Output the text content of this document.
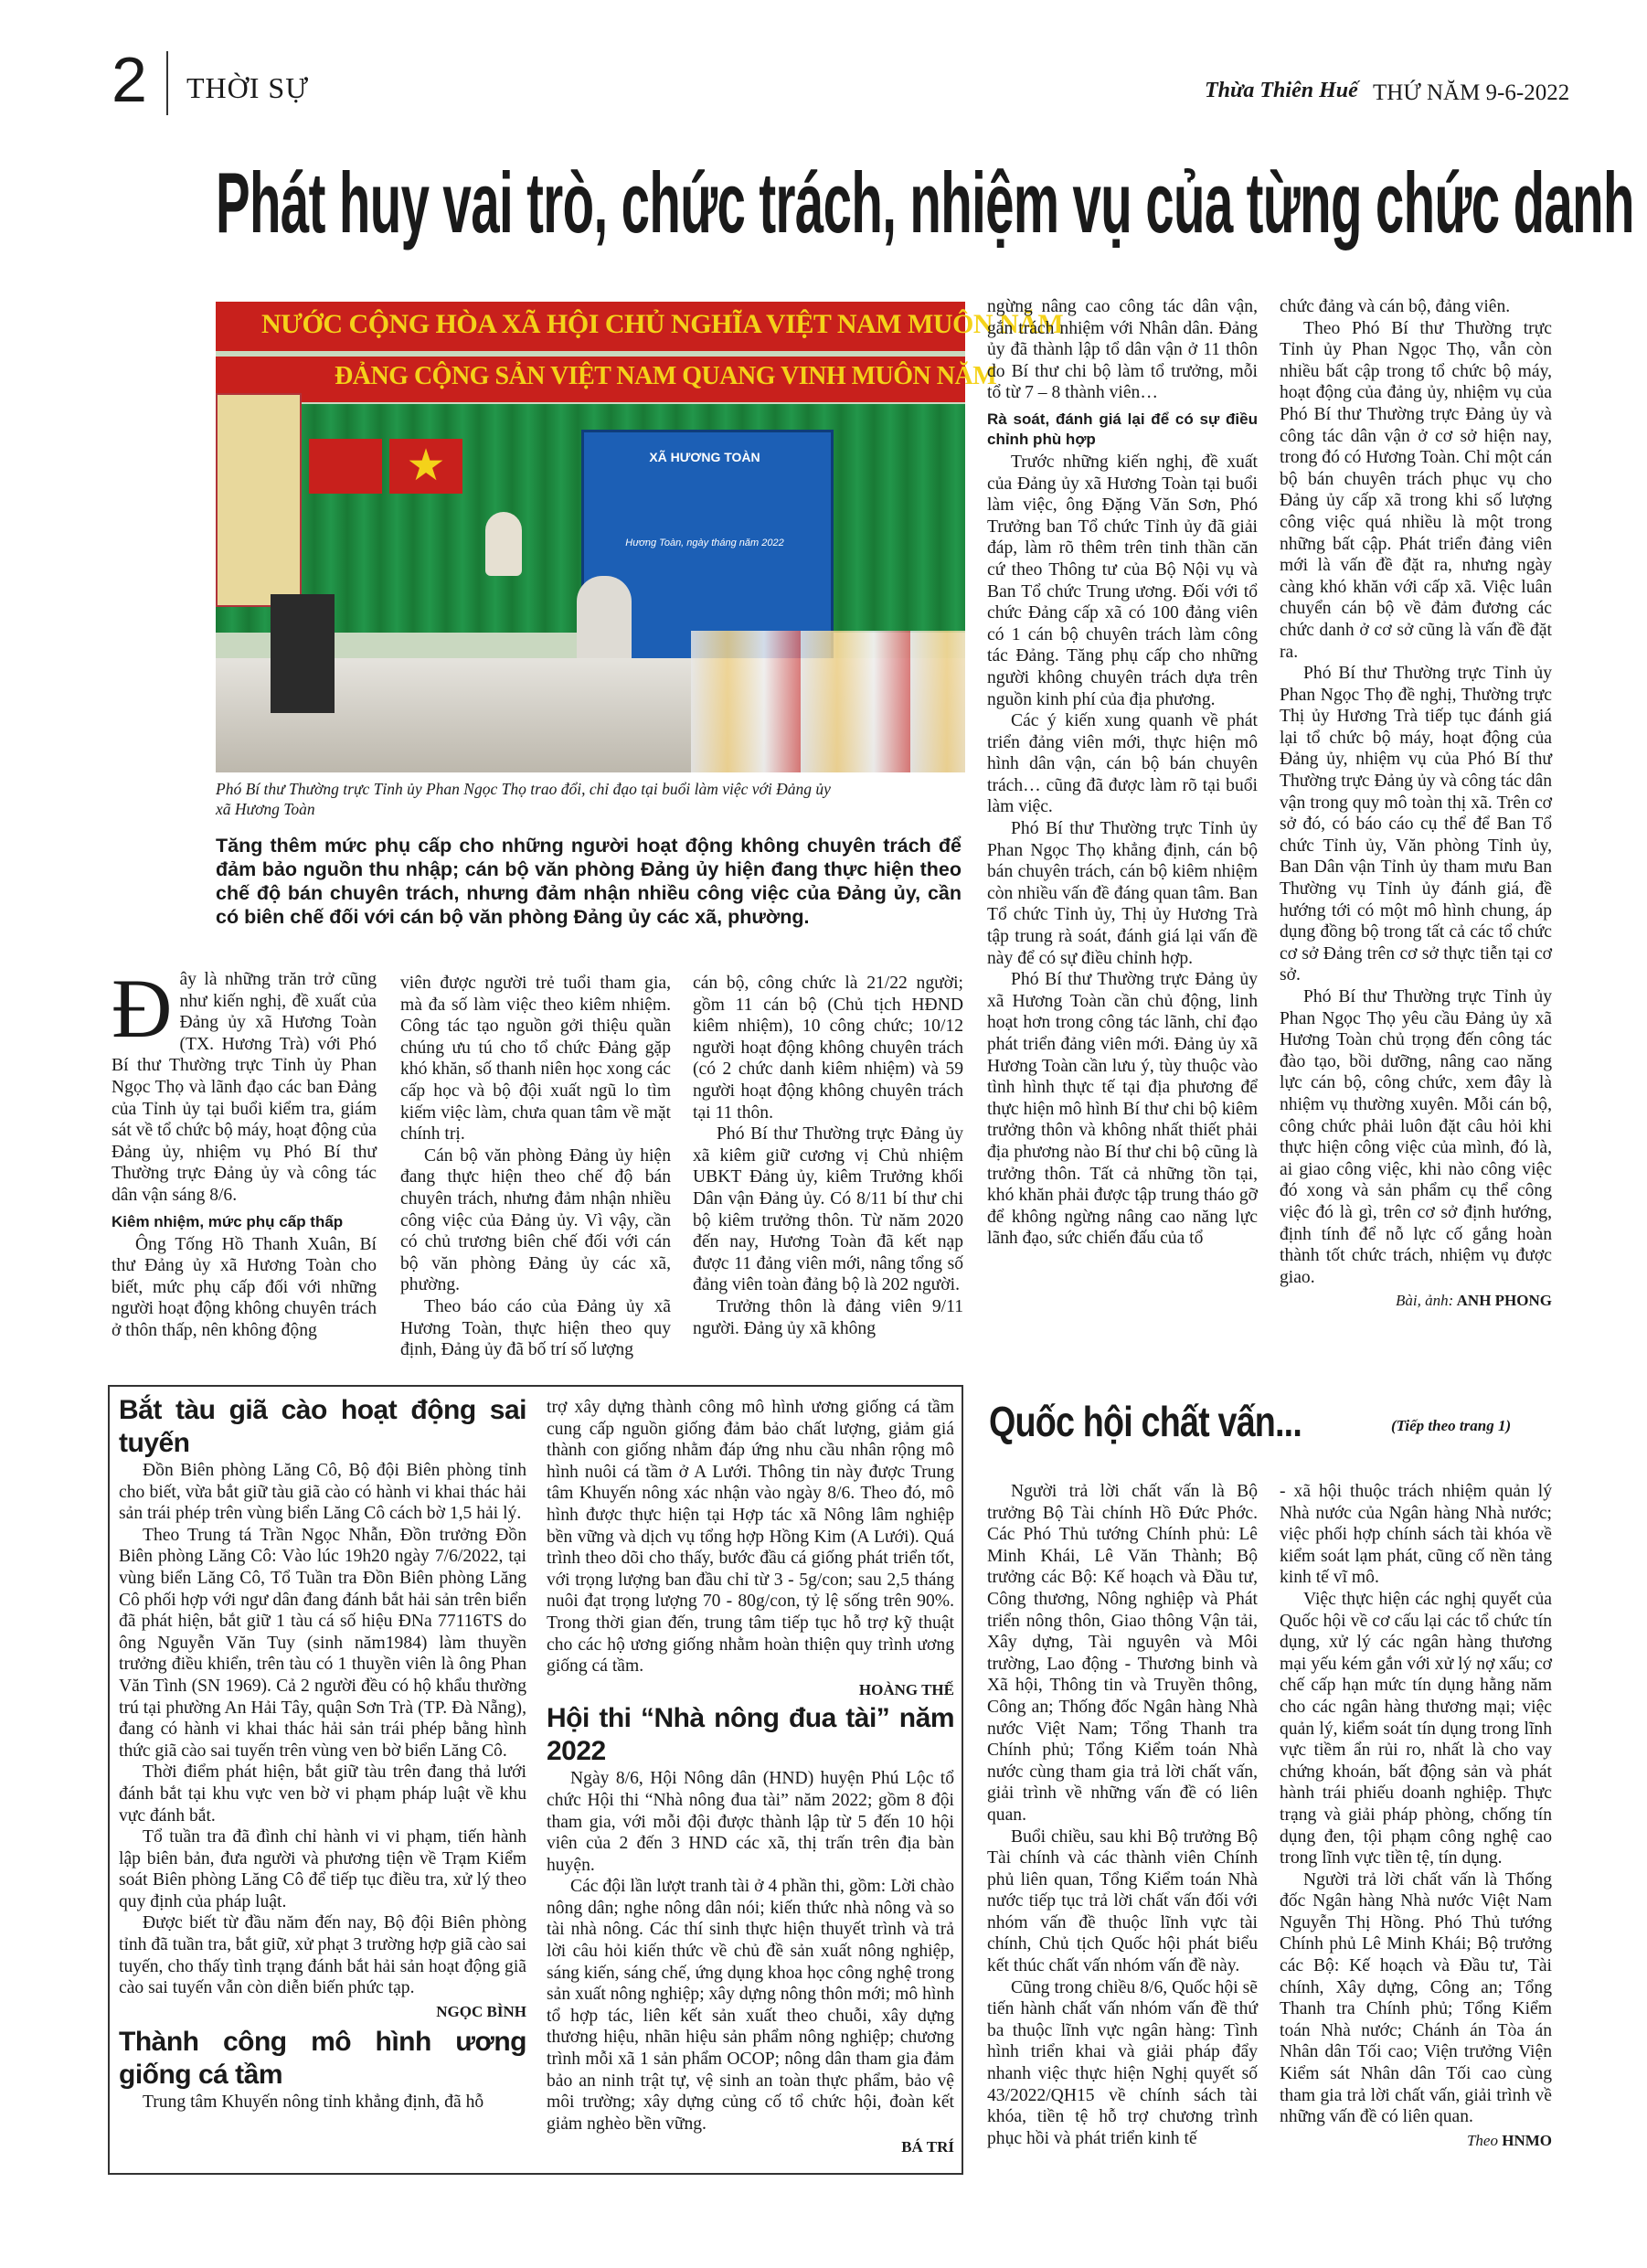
2 THỜI SỰ	Thừa Thiên Huế THỨ NĂM 9-6-2022
Phát huy vai trò, chức trách, nhiệm vụ của từng chức danh
NƯỚC CỘNG HÒA XÃ HỘI CHỦ NGHĨA VIỆT NAM MUÔN NĂM
ĐẢNG CỘNG SẢN VIỆT NAM QUANG VINH MUÔN NĂM
★	XÃ HƯƠNG TOÀN
Hương Toàn, ngày tháng năm 2022
Phó Bí thư Thường trực Tỉnh ủy Phan Ngọc Thọ trao đổi, chỉ đạo tại buổi làm việc với Đảng ủy xã Hương Toàn
Tăng thêm mức phụ cấp cho những người hoạt động không chuyên trách để đảm bảo nguồn thu nhập; cán bộ văn phòng Đảng ủy hiện đang thực hiện theo chế độ bán chuyên trách, nhưng đảm nhận nhiều công việc của Đảng ủy, cần có biên chế đối với cán bộ văn phòng Đảng ủy các xã, phường.
Đ ây là những trăn trở cũng như kiến nghị, đề xuất của Đảng ủy xã Hương Toàn (TX. Hương Trà) với Phó Bí thư Thường trực Tỉnh ủy Phan Ngọc Thọ và lãnh đạo các ban Đảng của Tỉnh ủy tại buổi kiểm tra, giám sát về tổ chức bộ máy, hoạt động của Đảng ủy, nhiệm vụ Phó Bí thư Thường trực Đảng ủy và công tác dân vận sáng 8/6.
Kiêm nhiệm, mức phụ cấp thấp

Ông Tống Hồ Thanh Xuân, Bí thư Đảng ủy xã Hương Toàn cho biết, mức phụ cấp đối với những người hoạt động không chuyên trách ở thôn thấp, nên không động

viên được người trẻ tuổi tham gia, mà đa số làm việc theo kiêm nhiệm. Công tác tạo nguồn gởi thiệu quần chúng ưu tú cho tổ chức Đảng gặp khó khăn, số thanh niên học xong các cấp học và bộ đội xuất ngũ lo tìm kiếm việc làm, chưa quan tâm về mặt chính trị.

Cán bộ văn phòng Đảng ủy hiện đang thực hiện theo chế độ bán chuyên trách, nhưng đảm nhận nhiều công việc của Đảng ủy. Vì vậy, cần có chủ trương biên chế đối với cán bộ văn phòng Đảng ủy các xã, phường.

Theo báo cáo của Đảng ủy xã Hương Toàn, thực hiện theo quy định, Đảng ủy đã bố trí số lượng

cán bộ, công chức là 21/22 người; gồm 11 cán bộ (Chủ tịch HĐND kiêm nhiệm), 10 công chức; 10/12 người hoạt động không chuyên trách (có 2 chức danh kiêm nhiệm) và 59 người hoạt động không chuyên trách tại 11 thôn.

Phó Bí thư Thường trực Đảng ủy xã kiêm giữ cương vị Chủ nhiệm UBKT Đảng ủy, kiêm Trưởng khối Dân vận Đảng ủy. Có 8/11 bí thư chi bộ kiêm trưởng thôn. Từ năm 2020 đến nay, Hương Toàn đã kết nạp được 11 đảng viên mới, nâng tổng số đảng viên toàn đảng bộ là 202 người.

Trưởng thôn là đảng viên 9/11 người. Đảng ủy xã không

ngừng nâng cao công tác dân vận, gắn trách nhiệm với Nhân dân. Đảng ủy đã thành lập tổ dân vận ở 11 thôn do Bí thư chi bộ làm tổ trưởng, mỗi tổ từ 7 – 8 thành viên…

Rà soát, đánh giá lại để có sự điều chỉnh phù hợp

Trước những kiến nghị, đề xuất của Đảng ủy xã Hương Toàn tại buổi làm việc, ông Đặng Văn Sơn, Phó Trưởng ban Tổ chức Tỉnh ủy đã giải đáp, làm rõ thêm trên tinh thần căn cứ theo Thông tư của Bộ Nội vụ và Ban Tổ chức Trung ương. Đối với tổ chức Đảng cấp xã có 100 đảng viên có 1 cán bộ chuyên trách làm công tác Đảng. Tăng phụ cấp cho những người không chuyên trách dựa trên nguồn kinh phí của địa phương.

Các ý kiến xung quanh về phát triển đảng viên mới, thực hiện mô hình dân vận, cán bộ bán chuyên trách… cũng đã được làm rõ tại buổi làm việc.

Phó Bí thư Thường trực Tỉnh ủy Phan Ngọc Thọ khẳng định, cán bộ bán chuyên trách, cán bộ kiêm nhiệm còn nhiều vấn đề đáng quan tâm. Ban Tổ chức Tỉnh ủy, Thị ủy Hương Trà tập trung rà soát, đánh giá lại vấn đề này để có sự điều chỉnh hợp.

Phó Bí thư Thường trực Đảng ủy xã Hương Toàn cần chủ động, linh hoạt hơn trong công tác lãnh, chỉ đạo phát triển đảng viên mới. Đảng ủy xã Hương Toàn cần lưu ý, tùy thuộc vào tình hình thực tế tại địa phương để thực hiện mô hình Bí thư chi bộ kiêm trưởng thôn và không nhất thiết phải địa phương nào Bí thư chi bộ cũng là trưởng thôn. Tất cả những tồn tại, khó khăn phải được tập trung tháo gỡ để không ngừng nâng cao năng lực lãnh đạo, sức chiến đấu của tổ

chức đảng và cán bộ, đảng viên.

Theo Phó Bí thư Thường trực Tỉnh ủy Phan Ngọc Thọ, vẫn còn nhiều bất cập trong tổ chức bộ máy, hoạt động của đảng ủy, nhiệm vụ của Phó Bí thư Thường trực Đảng ủy và công tác dân vận ở cơ sở hiện nay, trong đó có Hương Toàn. Chỉ một cán bộ bán chuyên trách phục vụ cho Đảng ủy cấp xã trong khi số lượng công việc quá nhiều là một trong những bất cập. Phát triển đảng viên mới là vấn đề đặt ra, nhưng ngày càng khó khăn với cấp xã. Việc luân chuyển cán bộ về đảm đương các chức danh ở cơ sở cũng là vấn đề đặt ra.

Phó Bí thư Thường trực Tỉnh ủy Phan Ngọc Thọ đề nghị, Thường trực Thị ủy Hương Trà tiếp tục đánh giá lại tổ chức bộ máy, hoạt động của Đảng ủy, nhiệm vụ của Phó Bí thư Thường trực Đảng ủy và công tác dân vận trong quy mô toàn thị xã. Trên cơ sở đó, có báo cáo cụ thể để Ban Tổ chức Tỉnh ủy, Văn phòng Tỉnh ủy, Ban Dân vận Tỉnh ủy tham mưu Ban Thường vụ Tỉnh ủy đánh giá, đề hướng tới có một mô hình chung, áp dụng đồng bộ trong tất cả các tổ chức cơ sở Đảng trên cơ sở thực tiễn tại cơ sở.

Phó Bí thư Thường trực Tỉnh ủy Phan Ngọc Thọ yêu cầu Đảng ủy xã Hương Toàn chủ trọng đến công tác đào tạo, bồi dưỡng, nâng cao năng lực cán bộ, công chức, xem đây là nhiệm vụ thường xuyên. Mỗi cán bộ, công chức phải luôn đặt câu hỏi khi thực hiện công việc của mình, đó là, ai giao công việc, khi nào công việc đó xong và sản phẩm cụ thể công việc đó là gì, trên cơ sở định hướng, định tính để nỗ lực cố gắng hoàn thành tốt chức trách, nhiệm vụ được giao.

Bài, ảnh: ANH PHONG
Bắt tàu giã cào hoạt động sai tuyến

Đồn Biên phòng Lăng Cô, Bộ đội Biên phòng tỉnh cho biết, vừa bắt giữ tàu giã cào có hành vi khai thác hải sản trái phép trên vùng biển Lăng Cô cách bờ 1,5 hải lý.

Theo Trung tá Trần Ngọc Nhẫn, Đồn trưởng Đồn Biên phòng Lăng Cô: Vào lúc 19h20 ngày 7/6/2022, tại vùng biển Lăng Cô, Tổ Tuần tra Đồn Biên phòng Lăng Cô phối hợp với ngư dân đang đánh bắt hải sản trên biển đã phát hiện, bắt giữ 1 tàu cá số hiệu ĐNa 77116TS do ông Nguyễn Văn Tuy (sinh năm1984) làm thuyền trưởng điều khiển, trên tàu có 1 thuyền viên là ông Phan Văn Tình (SN 1969). Cả 2 người đều có hộ khẩu thường trú tại phường An Hải Tây, quận Sơn Trà (TP. Đà Nẵng), đang có hành vi khai thác hải sản trái phép bằng hình thức giã cào sai tuyến trên vùng ven bờ biển Lăng Cô.

Thời điểm phát hiện, bắt giữ tàu trên đang thả lưới đánh bắt tại khu vực ven bờ vi phạm pháp luật về khu vực đánh bắt.

Tổ tuần tra đã đình chỉ hành vi vi phạm, tiến hành lập biên bản, đưa người và phương tiện về Trạm Kiểm soát Biên phòng Lăng Cô để tiếp tục điều tra, xử lý theo quy định của pháp luật.

Được biết từ đầu năm đến nay, Bộ đội Biên phòng tỉnh đã tuần tra, bắt giữ, xử phạt 3 trường hợp giã cào sai tuyến, cho thấy tình trạng đánh bắt hải sản hoạt động giã cào sai tuyến vẫn còn diễn biến phức tạp.

NGỌC BÌNH
Thành công mô hình ương giống cá tầm

Trung tâm Khuyến nông tỉnh khẳng định, đã hỗ

trợ xây dựng thành công mô hình ương giống cá tầm cung cấp nguồn giống đảm bảo chất lượng, giảm giá thành con giống nhằm đáp ứng nhu cầu nhân rộng mô hình nuôi cá tầm ở A Lưới. Thông tin này được Trung tâm Khuyến nông xác nhận vào ngày 8/6. Theo đó, mô hình được thực hiện tại Hợp tác xã Nông lâm nghiệp bền vững và dịch vụ tổng hợp Hồng Kim (A Lưới). Quá trình theo dõi cho thấy, bước đầu cá giống phát triển tốt, với trọng lượng ban đầu chỉ từ 3 - 5g/con; sau 2,5 tháng nuôi đạt trọng lượng 70 - 80g/con, tỷ lệ sống trên 90%. Trong thời gian đến, trung tâm tiếp tục hỗ trợ kỹ thuật cho các hộ ương giống nhằm hoàn thiện quy trình ương giống cá tầm.

HOÀNG THẾ
Hội thi “Nhà nông đua tài” năm 2022

Ngày 8/6, Hội Nông dân (HND) huyện Phú Lộc tổ chức Hội thi “Nhà nông đua tài” năm 2022; gồm 8 đội tham gia, với mỗi đội được thành lập từ 5 đến 10 hội viên của 2 đến 3 HND các xã, thị trấn trên địa bàn huyện.

Các đội lần lượt tranh tài ở 4 phần thi, gồm: Lời chào nông dân; nghe nông dân nói; kiến thức nhà nông và so tài nhà nông. Các thí sinh thực hiện thuyết trình và trả lời câu hỏi kiến thức về chủ đề sản xuất nông nghiệp, sáng kiến, sáng chế, ứng dụng khoa học công nghệ trong sản xuất nông nghiệp; xây dựng nông thôn mới; mô hình tổ hợp tác, liên kết sản xuất theo chuỗi, xây dựng thương hiệu, nhãn hiệu sản phẩm nông nghiệp; chương trình mỗi xã 1 sản phẩm OCOP; nông dân tham gia đảm bảo an ninh trật tự, vệ sinh an toàn thực phẩm, bảo vệ môi trường; xây dựng củng cố tổ chức hội, đoàn kết giảm nghèo bền vững.

BÁ TRÍ
Quốc hội chất vấn...	(Tiếp theo trang 1)

Người trả lời chất vấn là Bộ trưởng Bộ Tài chính Hồ Đức Phớc. Các Phó Thủ tướng Chính phủ: Lê Minh Khái, Lê Văn Thành; Bộ trưởng các Bộ: Kế hoạch và Đầu tư, Công thương, Nông nghiệp và Phát triển nông thôn, Giao thông Vận tải, Xây dựng, Tài nguyên và Môi trường, Lao động - Thương binh và Xã hội, Thông tin và Truyền thông, Công an; Thống đốc Ngân hàng Nhà nước Việt Nam; Tổng Thanh tra Chính phủ; Tổng Kiểm toán Nhà nước cùng tham gia trả lời chất vấn, giải trình về những vấn đề có liên quan.

Buổi chiều, sau khi Bộ trưởng Bộ Tài chính và các thành viên Chính phủ liên quan, Tổng Kiểm toán Nhà nước tiếp tục trả lời chất vấn đối với nhóm vấn đề thuộc lĩnh vực tài chính, Chủ tịch Quốc hội phát biểu kết thúc chất vấn nhóm vấn đề này.

Cũng trong chiều 8/6, Quốc hội sẽ tiến hành chất vấn nhóm vấn đề thứ ba thuộc lĩnh vực ngân hàng: Tình hình triển khai và giải pháp đẩy nhanh việc thực hiện Nghị quyết số 43/2022/QH15 về chính sách tài khóa, tiền tệ hỗ trợ chương trình phục hồi và phát triển kinh tế

- xã hội thuộc trách nhiệm quản lý Nhà nước của Ngân hàng Nhà nước; việc phối hợp chính sách tài khóa về kiểm soát lạm phát, cũng cố nền tảng kinh tế vĩ mô.

Việc thực hiện các nghị quyết của Quốc hội về cơ cấu lại các tổ chức tín dụng, xử lý các ngân hàng thương mại yếu kém gắn với xử lý nợ xấu; cơ chế cấp hạn mức tín dụng hằng năm cho các ngân hàng thương mại; việc quản lý, kiểm soát tín dụng trong lĩnh vực tiềm ẩn rủi ro, nhất là cho vay chứng khoán, bất động sản và phát hành trái phiếu doanh nghiệp. Thực trạng và giải pháp phòng, chống tín dụng đen, tội phạm công nghệ cao trong lĩnh vực tiền tệ, tín dụng.

Người trả lời chất vấn là Thống đốc Ngân hàng Nhà nước Việt Nam Nguyễn Thị Hồng. Phó Thủ tướng Chính phủ Lê Minh Khái; Bộ trưởng các Bộ: Kế hoạch và Đầu tư, Tài chính, Xây dựng, Công an; Tổng Thanh tra Chính phủ; Tổng Kiểm toán Nhà nước; Chánh án Tòa án Nhân dân Tối cao; Viện trưởng Viện Kiểm sát Nhân dân Tối cao cùng tham gia trả lời chất vấn, giải trình về những vấn đề có liên quan.

Theo HNMO
